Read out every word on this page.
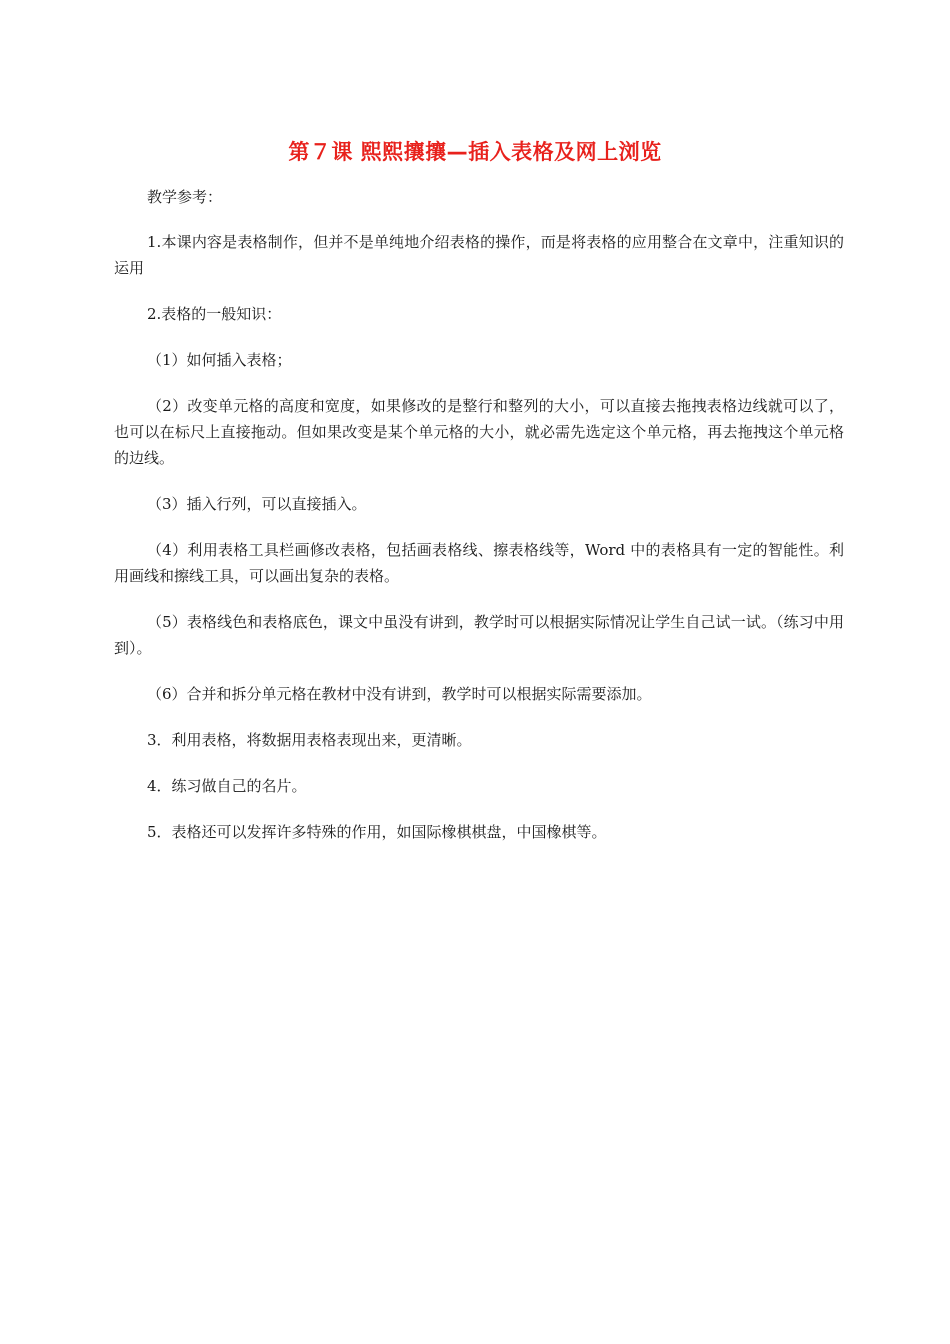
第７课 熙熙攘攘—插入表格及网上浏览

教学参考：

1.本课内容是表格制作，但并不是单纯地介绍表格的操作，而是将表格的应用整合在文章中，注重知识的运用

2.表格的一般知识：

（1）如何插入表格；

（2）改变单元格的高度和宽度，如果修改的是整行和整列的大小，可以直接去拖拽表格边线就可以了，也可以在标尺上直接拖动。但如果改变是某个单元格的大小，就必需先选定这个单元格，再去拖拽这个单元格的边线。

（3）插入行列，可以直接插入。

（4）利用表格工具栏画修改表格，包括画表格线、擦表格线等，Word 中的表格具有一定的智能性。利用画线和擦线工具，可以画出复杂的表格。

（5）表格线色和表格底色，课文中虽没有讲到，教学时可以根据实际情况让学生自己试一试。（练习中用到）。

（6）合并和拆分单元格在教材中没有讲到，教学时可以根据实际需要添加。

3．利用表格，将数据用表格表现出来，更清晰。

4．练习做自己的名片。

5．表格还可以发挥许多特殊的作用，如国际橡棋棋盘，中国橡棋等。
